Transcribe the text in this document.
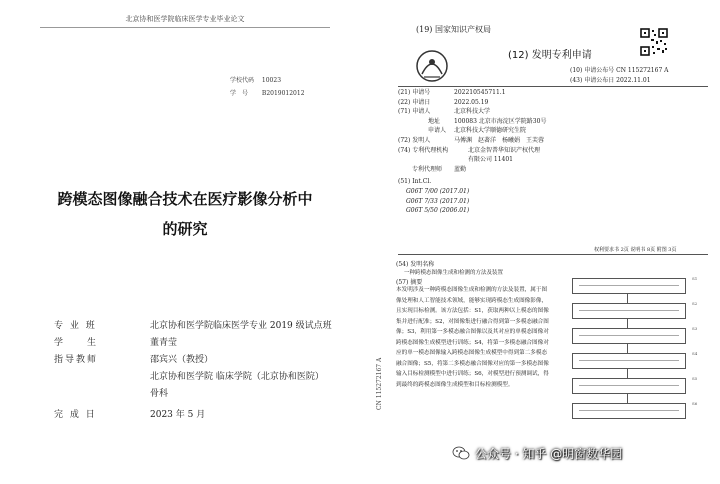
北京协和医学院临床医学专业毕业论文
学校代码 10023
学　号 B2019012012
跨模态图像融合技术在医疗影像分析中
的研究
专 业 班	北京协和医学院临床医学专业 2019 级试点班
学　　生	董青莹
指导教师	邵宾兴（教授）
北京协和医学院 临床学院（北京协和医院）
骨科
完 成 日	2023 年 5 月
(19) 国家知识产权局
(12) 发明专利申请
(10) 申请公布号 CN 115272167 A
(43) 申请公布日 2022.11.01
(21) 申请号	202210545711.1
(22) 申请日	2022.05.19
(71) 申请人	北京科技大学
地址 100083 北京市海淀区学院路30号
申请人 北京科技大学顺德研究生院
(72) 发明人	马傅渊　赵著洋　杨曦娟　王芙蓉
(74) 专利代理机构	北京金智普华知识产权代理
有限公司 11401
专利代理师 蓝勤
(51) Int.Cl.
G06T 7/00 (2017.01)
G06T 7/33 (2017.01)
G06T 5/50 (2006.01)
权利要求书 2页 说明书 8页 附图 3页
(54) 发明名称
一种跨模态图像生成和检测的方法及装置
(57) 摘要
本发明涉及一种跨模态图像生成和检测的方法及装置，属于图像处理和人工智能技术领域，能够实现跨模态生成图像影像，且实现目标检测。该方法包括：S1，获取两种以上模态的图像集并进行配准；S2，对图像集进行融合得到第一多模态融合图像；S3，利用第一多模态融合图像以及其对应的单模态图像对跨模态图像生成模型进行训练；S4，将第一多模态融合图像对应的单一模态图像输入跨模态图像生成模型中得到第二多模态融合图像；S5，将第二多模态融合图像对应的第一多模态图像输入目标检测模型中进行训练；S6，对模型进行预测调试，得到最终的跨模态图像生成模型和目标检测模型。
CN 115272167 A
S1
S2
S3
S4
S5
S6
公众号 · 知乎 @明窗数华园
